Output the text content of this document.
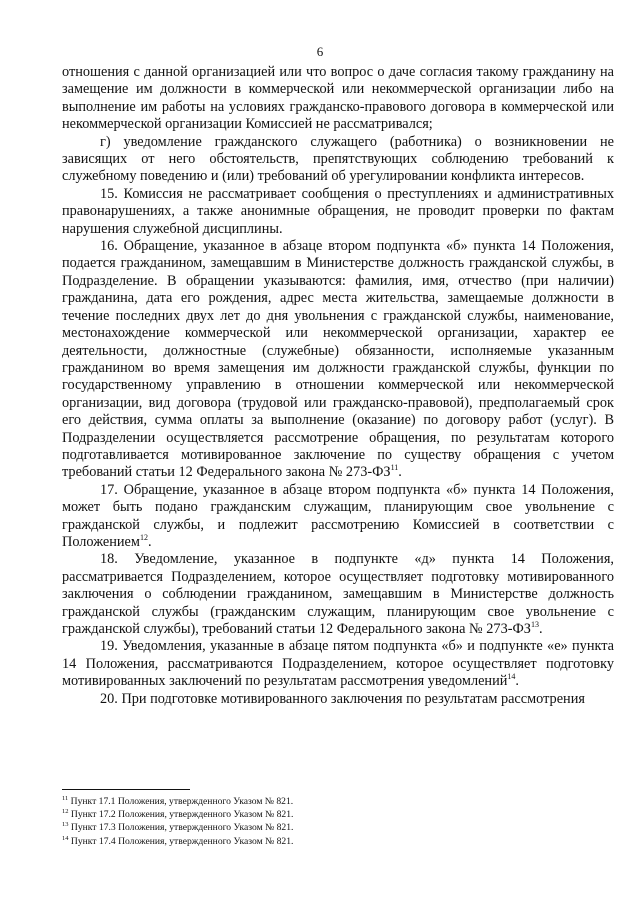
6

отношения с данной организацией или что вопрос о даче согласия такому гражданину на замещение им должности в коммерческой или некоммерческой организации либо на выполнение им работы на условиях гражданско-правового договора в коммерческой или некоммерческой организации Комиссией не рассматривался;

г) уведомление гражданского служащего (работника) о возникновении не зависящих от него обстоятельств, препятствующих соблюдению требований к служебному поведению и (или) требований об урегулировании конфликта интересов.

15. Комиссия не рассматривает сообщения о преступлениях и административных правонарушениях, а также анонимные обращения, не проводит проверки по фактам нарушения служебной дисциплины.

16. Обращение, указанное в абзаце втором подпункта «б» пункта 14 Положения, подается гражданином, замещавшим в Министерстве должность гражданской службы, в Подразделение. В обращении указываются: фамилия, имя, отчество (при наличии) гражданина, дата его рождения, адрес места жительства, замещаемые должности в течение последних двух лет до дня увольнения с гражданской службы, наименование, местонахождение коммерческой или некоммерческой организации, характер ее деятельности, должностные (служебные) обязанности, исполняемые указанным гражданином во время замещения им должности гражданской службы, функции по государственному управлению в отношении коммерческой или некоммерческой организации, вид договора (трудовой или гражданско-правовой), предполагаемый срок его действия, сумма оплаты за выполнение (оказание) по договору работ (услуг). В Подразделении осуществляется рассмотрение обращения, по результатам которого подготавливается мотивированное заключение по существу обращения с учетом требований статьи 12 Федерального закона № 273-ФЗ$^{11}$.

17. Обращение, указанное в абзаце втором подпункта «б» пункта 14 Положения, может быть подано гражданским служащим, планирующим свое увольнение с гражданской службы, и подлежит рассмотрению Комиссией в соответствии с Положением$^{12}$.

18. Уведомление, указанное в подпункте «д» пункта 14 Положения, рассматривается Подразделением, которое осуществляет подготовку мотивированного заключения о соблюдении гражданином, замещавшим в Министерстве должность гражданской службы (гражданским служащим, планирующим свое увольнение с гражданской службы), требований статьи 12 Федерального закона № 273-ФЗ$^{13}$.

19. Уведомления, указанные в абзаце пятом подпункта «б» и подпункте «е» пункта 14 Положения, рассматриваются Подразделением, которое осуществляет подготовку мотивированных заключений по результатам рассмотрения уведомлений$^{14}$.

20. При подготовке мотивированного заключения по результатам рассмотрения

$^{11}$ Пункт 17.1 Положения, утвержденного Указом № 821.
$^{12}$ Пункт 17.2 Положения, утвержденного Указом № 821.
$^{13}$ Пункт 17.3 Положения, утвержденного Указом № 821.
$^{14}$ Пункт 17.4 Положения, утвержденного Указом № 821.
